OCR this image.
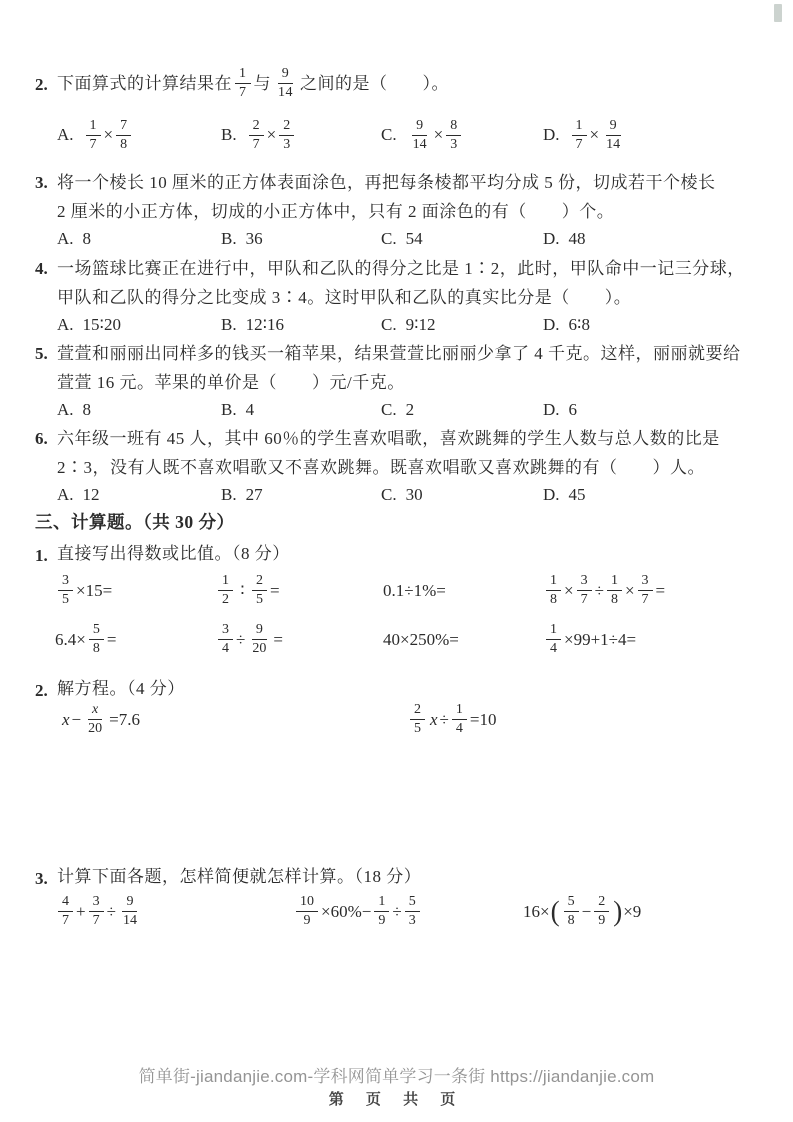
2. 下面算式的计算结果在 $\frac{1}{7}$ 与 $\frac{9}{14}$ 之间的是（　　）。
A. $\frac{1}{7} \times \frac{7}{8}$	B. $\frac{2}{7} \times \frac{2}{3}$	C. $\frac{9}{14} \times \frac{8}{3}$	D. $\frac{1}{7} \times \frac{9}{14}$
3. 将一个棱长 10 厘米的正方体表面涂色，再把每条棱都平均分成 5 份，切成若干个棱长
2 厘米的小正方体，切成的小正方体中，只有 2 面涂色的有（　　）个。
A. 8	B. 36	C. 54	D. 48
4. 一场篮球比赛正在进行中，甲队和乙队的得分之比是 1∶2，此时，甲队命中一记三分球，
甲队和乙队的得分之比变成 3∶4。这时甲队和乙队的真实比分是（　　）。
A. 15∶20	B. 12∶16	C. 9∶12	D. 6∶8
5. 萱萱和丽丽出同样多的钱买一箱苹果，结果萱萱比丽丽少拿了 4 千克。这样，丽丽就要给
萱萱 16 元。苹果的单价是（　　）元/千克。
A. 8	B. 4	C. 2	D. 6
6. 六年级一班有 45 人，其中 60％的学生喜欢唱歌，喜欢跳舞的学生人数与总人数的比是
2∶3，没有人既不喜欢唱歌又不喜欢跳舞。既喜欢唱歌又喜欢跳舞的有（　　）人。
A. 12	B. 27	C. 30	D. 45
三、计算题。（共 30 分）
1. 直接写出得数或比值。（8 分）
$\frac{3}{5} \times 15=$	$\frac{1}{2}$ ∶ $\frac{2}{5}$ =	0.1÷1%=	$\frac{1}{8} \times \frac{3}{7} \div \frac{1}{8} \times \frac{3}{7}$ =
$6.4\times \frac{5}{8}$ =	$\frac{3}{4} \div \frac{9}{20}$ =	40×250%=	$\frac{1}{4} \times 99+1\div 4=$
2. 解方程。（4 分）
$x - \frac{x}{20} =7.6$	$\frac{2}{5}$ $x \div \frac{1}{4} =10$
3. 计算下面各题，怎样简便就怎样计算。（18 分）
$\frac{4}{7} + \frac{3}{7} \div \frac{9}{14}$	$\frac{10}{9} \times 60\%- \frac{1}{9} \div \frac{5}{3}$	16× ( $\frac{5}{8} - \frac{2}{9}$ ) ×9
简单街-jiandanjie.com-学科网简单学习一条街 https://jiandanjie.com
第 页 共 页
